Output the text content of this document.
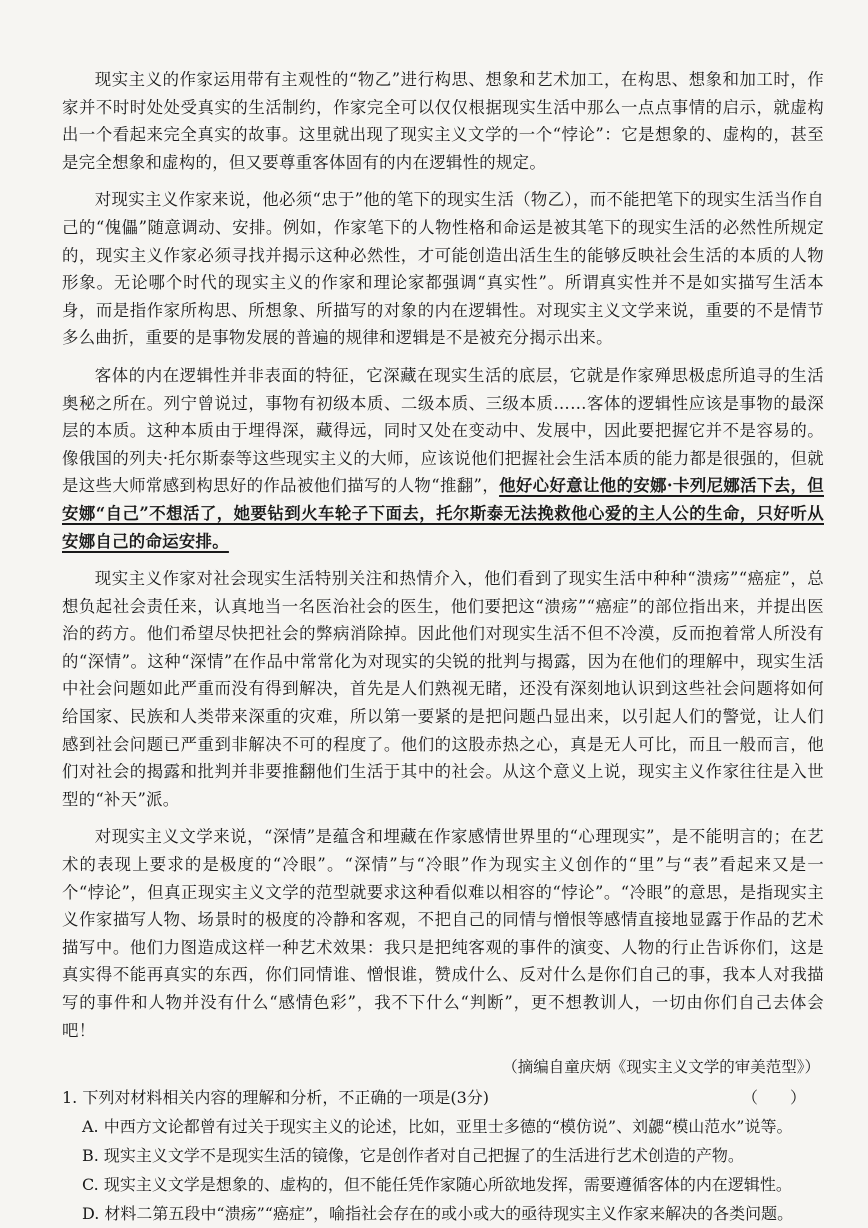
现实主义的作家运用带有主观性的“物乙”进行构思、想象和艺术加工，在构思、想象和加工时，作家并不时时处处受真实的生活制约，作家完全可以仅仅根据现实生活中那么一点点事情的启示，就虚构出一个看起来完全真实的故事。这里就出现了现实主义文学的一个“悖论”：它是想象的、虚构的，甚至是完全想象和虚构的，但又要尊重客体固有的内在逻辑性的规定。

对现实主义作家来说，他必须“忠于”他的笔下的现实生活（物乙），而不能把笔下的现实生活当作自己的“傀儡”随意调动、安排。例如，作家笔下的人物性格和命运是被其笔下的现实生活的必然性所规定的，现实主义作家必须寻找并揭示这种必然性，才可能创造出活生生的能够反映社会生活的本质的人物形象。无论哪个时代的现实主义的作家和理论家都强调“真实性”。所谓真实性并不是如实描写生活本身，而是指作家所构思、所想象、所描写的对象的内在逻辑性。对现实主义文学来说，重要的不是情节多么曲折，重要的是事物发展的普遍的规律和逻辑是不是被充分揭示出来。

客体的内在逻辑性并非表面的特征，它深藏在现实生活的底层，它就是作家殚思极虑所追寻的生活奥秘之所在。列宁曾说过，事物有初级本质、二级本质、三级本质……客体的逻辑性应该是事物的最深层的本质。这种本质由于埋得深，藏得远，同时又处在变动中、发展中，因此要把握它并不是容易的。像俄国的列夫·托尔斯泰等这些现实主义的大师，应该说他们把握社会生活本质的能力都是很强的，但就是这些大师常感到构思好的作品被他们描写的人物“推翻”，他好心好意让他的安娜·卡列尼娜活下去，但安娜“自己”不想活了，她要钻到火车轮子下面去，托尔斯泰无法挽救他心爱的主人公的生命，只好听从安娜自己的命运安排。

现实主义作家对社会现实生活特别关注和热情介入，他们看到了现实生活中种种“溃疡”“癌症”，总想负起社会责任来，认真地当一名医治社会的医生，他们要把这“溃疡”“癌症”的部位指出来，并提出医治的药方。他们希望尽快把社会的弊病消除掉。因此他们对现实生活不但不冷漠，反而抱着常人所没有的“深情”。这种“深情”在作品中常常化为对现实的尖锐的批判与揭露，因为在他们的理解中，现实生活中社会问题如此严重而没有得到解决，首先是人们熟视无睹，还没有深刻地认识到这些社会问题将如何给国家、民族和人类带来深重的灾难，所以第一要紧的是把问题凸显出来，以引起人们的警觉，让人们感到社会问题已严重到非解决不可的程度了。他们的这股赤热之心，真是无人可比，而且一般而言，他们对社会的揭露和批判并非要推翻他们生活于其中的社会。从这个意义上说，现实主义作家往往是入世型的“补天”派。

对现实主义文学来说，“深情”是蕴含和埋藏在作家感情世界里的“心理现实”，是不能明言的；在艺术的表现上要求的是极度的“冷眼”。“深情”与“冷眼”作为现实主义创作的“里”与“表”看起来又是一个“悖论”，但真正现实主义文学的范型就要求这种看似难以相容的“悖论”。“冷眼”的意思，是指现实主义作家描写人物、场景时的极度的冷静和客观，不把自己的同情与憎恨等感情直接地显露于作品的艺术描写中。他们力图造成这样一种艺术效果：我只是把纯客观的事件的演变、人物的行止告诉你们，这是真实得不能再真实的东西，你们同情谁、憎恨谁，赞成什么、反对什么是你们自己的事，我本人对我描写的事件和人物并没有什么“感情色彩”，我不下什么“判断”，更不想教训人，一切由你们自己去体会吧！

（摘编自童庆炳《现实主义文学的审美范型》）

1. 下列对材料相关内容的理解和分析，不正确的一项是(3分)	（　　）

A. 中西方文论都曾有过关于现实主义的论述，比如，亚里士多德的“模仿说”、刘勰“模山范水”说等。

B. 现实主义文学不是现实生活的镜像，它是创作者对自己把握了的生活进行艺术创造的产物。

C. 现实主义文学是想象的、虚构的，但不能任凭作家随心所欲地发挥，需要遵循客体的内在逻辑性。

D. 材料二第五段中“溃疡”“癌症”，喻指社会存在的或小或大的亟待现实主义作家来解决的各类问题。
